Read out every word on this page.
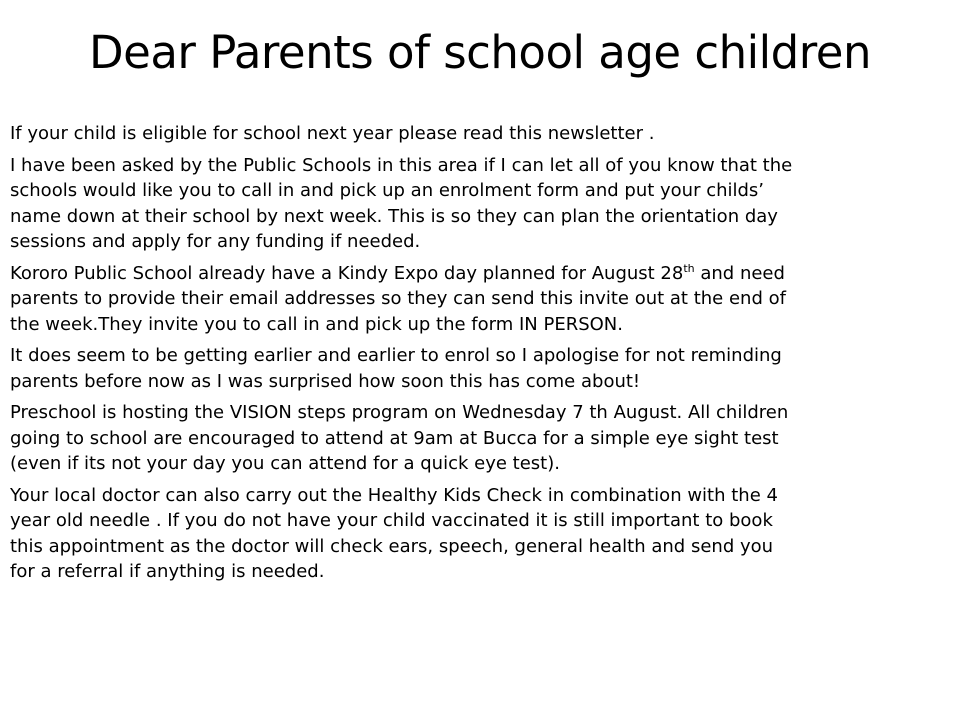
Dear Parents of school age children

If your child is eligible for school next year please read this newsletter .

I have been asked by the Public Schools in this area if I can let all of you know that the
schools would like you to call in and pick up an enrolment form and put your childs’
name down at their school by next week. This is so they can plan the orientation day
sessions and apply for any funding if needed.

Kororo Public School already have a Kindy Expo day planned for August 28th and need
parents to provide their email addresses so they can send this invite out at the end of
the week.They invite you to call in and pick up the form IN PERSON.

It does seem to be getting earlier and earlier to enrol so I apologise for not reminding
parents before now as I was surprised how soon this has come about!

Preschool is hosting the VISION steps program on Wednesday 7 th August. All children
going to school are encouraged to attend at 9am at Bucca for a simple eye sight test
(even if its not your day you can attend for a quick eye test).

Your local doctor can also carry out the Healthy Kids Check in combination with the 4
year old needle . If you do not have your child vaccinated it is still important to book
this appointment as the doctor will check ears, speech, general health and send you
for a referral if anything is needed.
